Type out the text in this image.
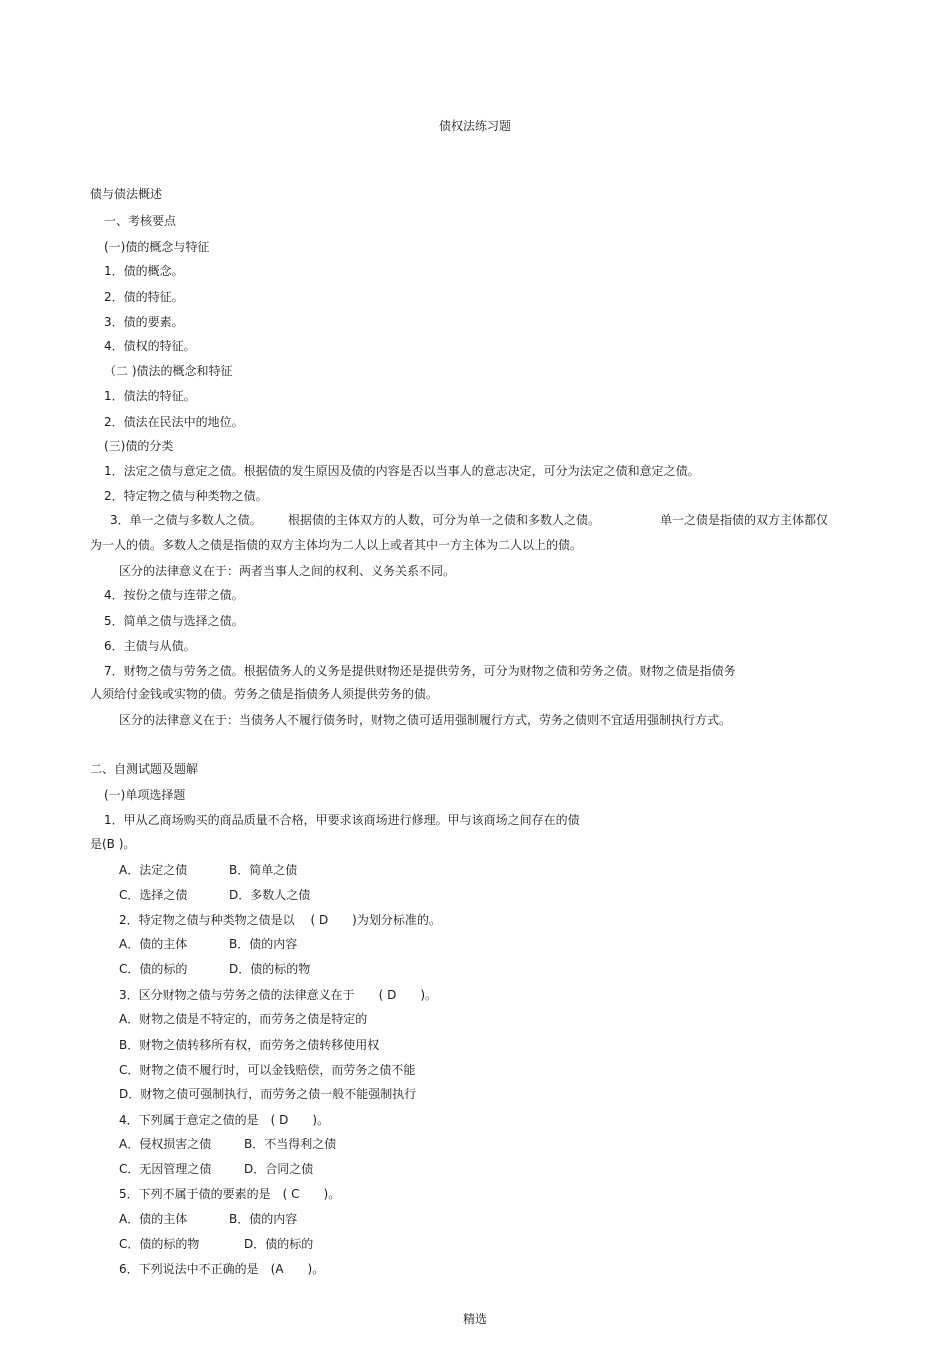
债权法练习题
债与债法概述
一、考核要点
(一)债的概念与特征
1．债的概念。
2．债的特征。
3．债的要素。
4．债权的特征。
（二 )债法的概念和特征
1．债法的特征。
2．债法在民法中的地位。
(三)债的分类
1．法定之债与意定之债。根据债的发生原因及债的内容是否以当事人的意志决定，可分为法定之债和意定之债。
2．特定物之债与种类物之债。
3．单一之债与多数人之债。 根据债的主体双方的人数，可分为单一之债和多数人之债。	单一之债是指债的双方主体都仅
为一人的债。多数人之债是指债的双方主体均为二人以上或者其中一方主体为二人以上的债。
区分的法律意义在于：两者当事人之间的权利、义务关系不同。
4．按份之债与连带之债。
5．简单之债与选择之债。
6．主债与从债。
7．财物之债与劳务之债。根据债务人的义务是提供财物还是提供劳务，可分为财物之债和劳务之债。财物之债是指债务
人须给付金钱或实物的债。劳务之债是指债务人须提供劳务的债。
区分的法律意义在于：当债务人不履行债务时，财物之债可适用强制履行方式，劳务之债则不宜适用强制执行方式。
二、自测试题及题解
(一)单项选择题
1．甲从乙商场购买的商品质量不合格，甲要求该商场进行修理。甲与该商场之间存在的债
是(B )。
A．法定之债	B．简单之债
C．选择之债	D．多数人之债
2．特定物之债与种类物之债是以　 ( D　　)为划分标准的。
A．债的主体	B．债的内容
C．债的标的	D．债的标的物
3．区分财物之债与劳务之债的法律意义在于　　( D　　)。
A．财物之债是不特定的，而劳务之债是特定的
B．财物之债转移所有权，而劳务之债转移使用权
C．财物之债不履行时，可以金钱赔偿，而劳务之债不能
D．财物之债可强制执行，而劳务之债一般不能强制执行
4．下列属于意定之债的是　( D　　)。
A．侵权损害之债	B．不当得利之债
C．无因管理之债	D．合同之债
5．下列不属于债的要素的是　( C　　)。
A．债的主体	B．债的内容
C．债的标的物	D．债的标的
6．下列说法中不正确的是　(A　　)。
精选
